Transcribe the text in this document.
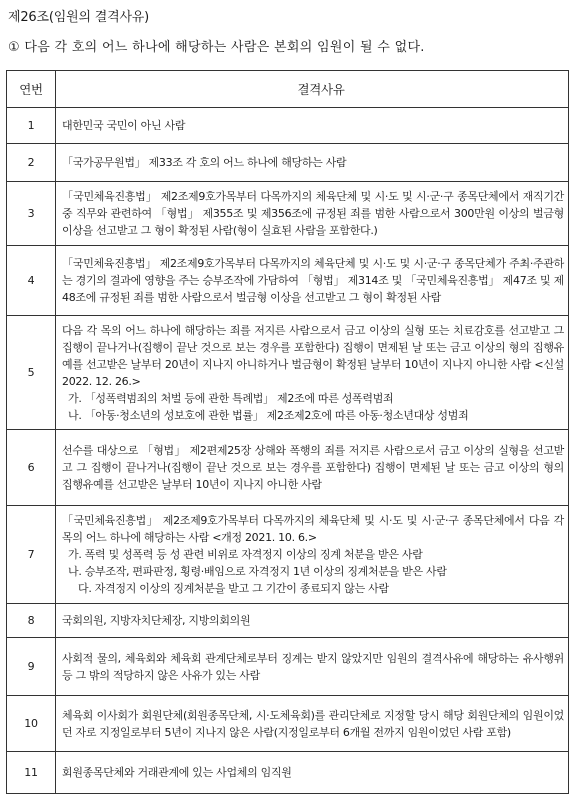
제26조(임원의 결격사유)
① 다음 각 호의 어느 하나에 해당하는 사람은 본회의 임원이 될 수 없다.
연번	결격사유
1	대한민국 국민이 아닌 사람

2	「국가공무원법」 제33조 각 호의 어느 하나에 해당하는 사람

3	「국민체육진흥법」 제2조제9호가목부터 다목까지의 체육단체 및 시·도 및 시·군·구 종목단체에서 재직기간 중 직무와 관련하여 「형법」 제355조 및 제356조에 규정된 죄를 범한 사람으로서 300만원 이상의 벌금형이상을 선고받고 그 형이 확정된 사람(형이 실효된 사람을 포함한다.)

4	「국민체육진흥법」 제2조제9호가목부터 다목까지의 체육단체 및 시·도 및 시·군·구 종목단체가 주최·주관하는 경기의 결과에 영향을 주는 승부조작에 가담하여 「형법」 제314조 및 「국민체육진흥법」 제47조 및 제48조에 규정된 죄를 범한 사람으로서 벌금형 이상을 선고받고 그 형이 확정된 사람

5	다음 각 목의 어느 하나에 해당하는 죄를 저지른 사람으로서 금고 이상의 실형 또는 치료감호를 선고받고 그 집행이 끝나거나(집행이 끝난 것으로 보는 경우를 포함한다) 집행이 면제된 날 또는 금고 이상의 형의 집행유예를 선고받은 날부터 20년이 지나지 아니하거나 벌금형이 확정된 날부터 10년이 지나지 아니한 사람 <신설 2022. 12. 26.>
가. 「성폭력범죄의 처벌 등에 관한 특례법」 제2조에 따른 성폭력범죄
나. 「아동·청소년의 성보호에 관한 법률」 제2조제2호에 따른 아동·청소년대상 성범죄

6	선수를 대상으로 「형법」 제2편제25장 상해와 폭행의 죄를 저지른 사람으로서 금고 이상의 실형을 선고받고 그 집행이 끝나거나(집행이 끝난 것으로 보는 경우를 포함한다) 집행이 면제된 날 또는 금고 이상의 형의 집행유예를 선고받은 날부터 10년이 지나지 아니한 사람

7	「국민체육진흥법」 제2조제9호가목부터 다목까지의 체육단체 및 시·도 및 시·군·구 종목단체에서 다음 각 목의 어느 하나에 해당하는 사람 <개정 2021. 10. 6.>
가. 폭력 및 성폭력 등 성 관련 비위로 자격정지 이상의 징계 처분을 받은 사람
나. 승부조작, 편파판정, 횡령·배임으로 자격정지 1년 이상의 징계처분을 받은 사람
다. 자격정지 이상의 징계처분을 받고 그 기간이 종료되지 않는 사람

8	국회의원, 지방자치단체장, 지방의회의원

9	사회적 물의, 체육회와 체육회 관계단체로부터 징계는 받지 않았지만 임원의 결격사유에 해당하는 유사행위 등 그 밖의 적당하지 않은 사유가 있는 사람

10	체육회 이사회가 회원단체(회원종목단체, 시·도체육회)를 관리단체로 지정할 당시 해당 회원단체의 임원이었던 자로 지정일로부터 5년이 지나지 않은 사람(지정일로부터 6개월 전까지 임원이었던 사람 포함)

11	회원종목단체와 거래관계에 있는 사업체의 임직원
